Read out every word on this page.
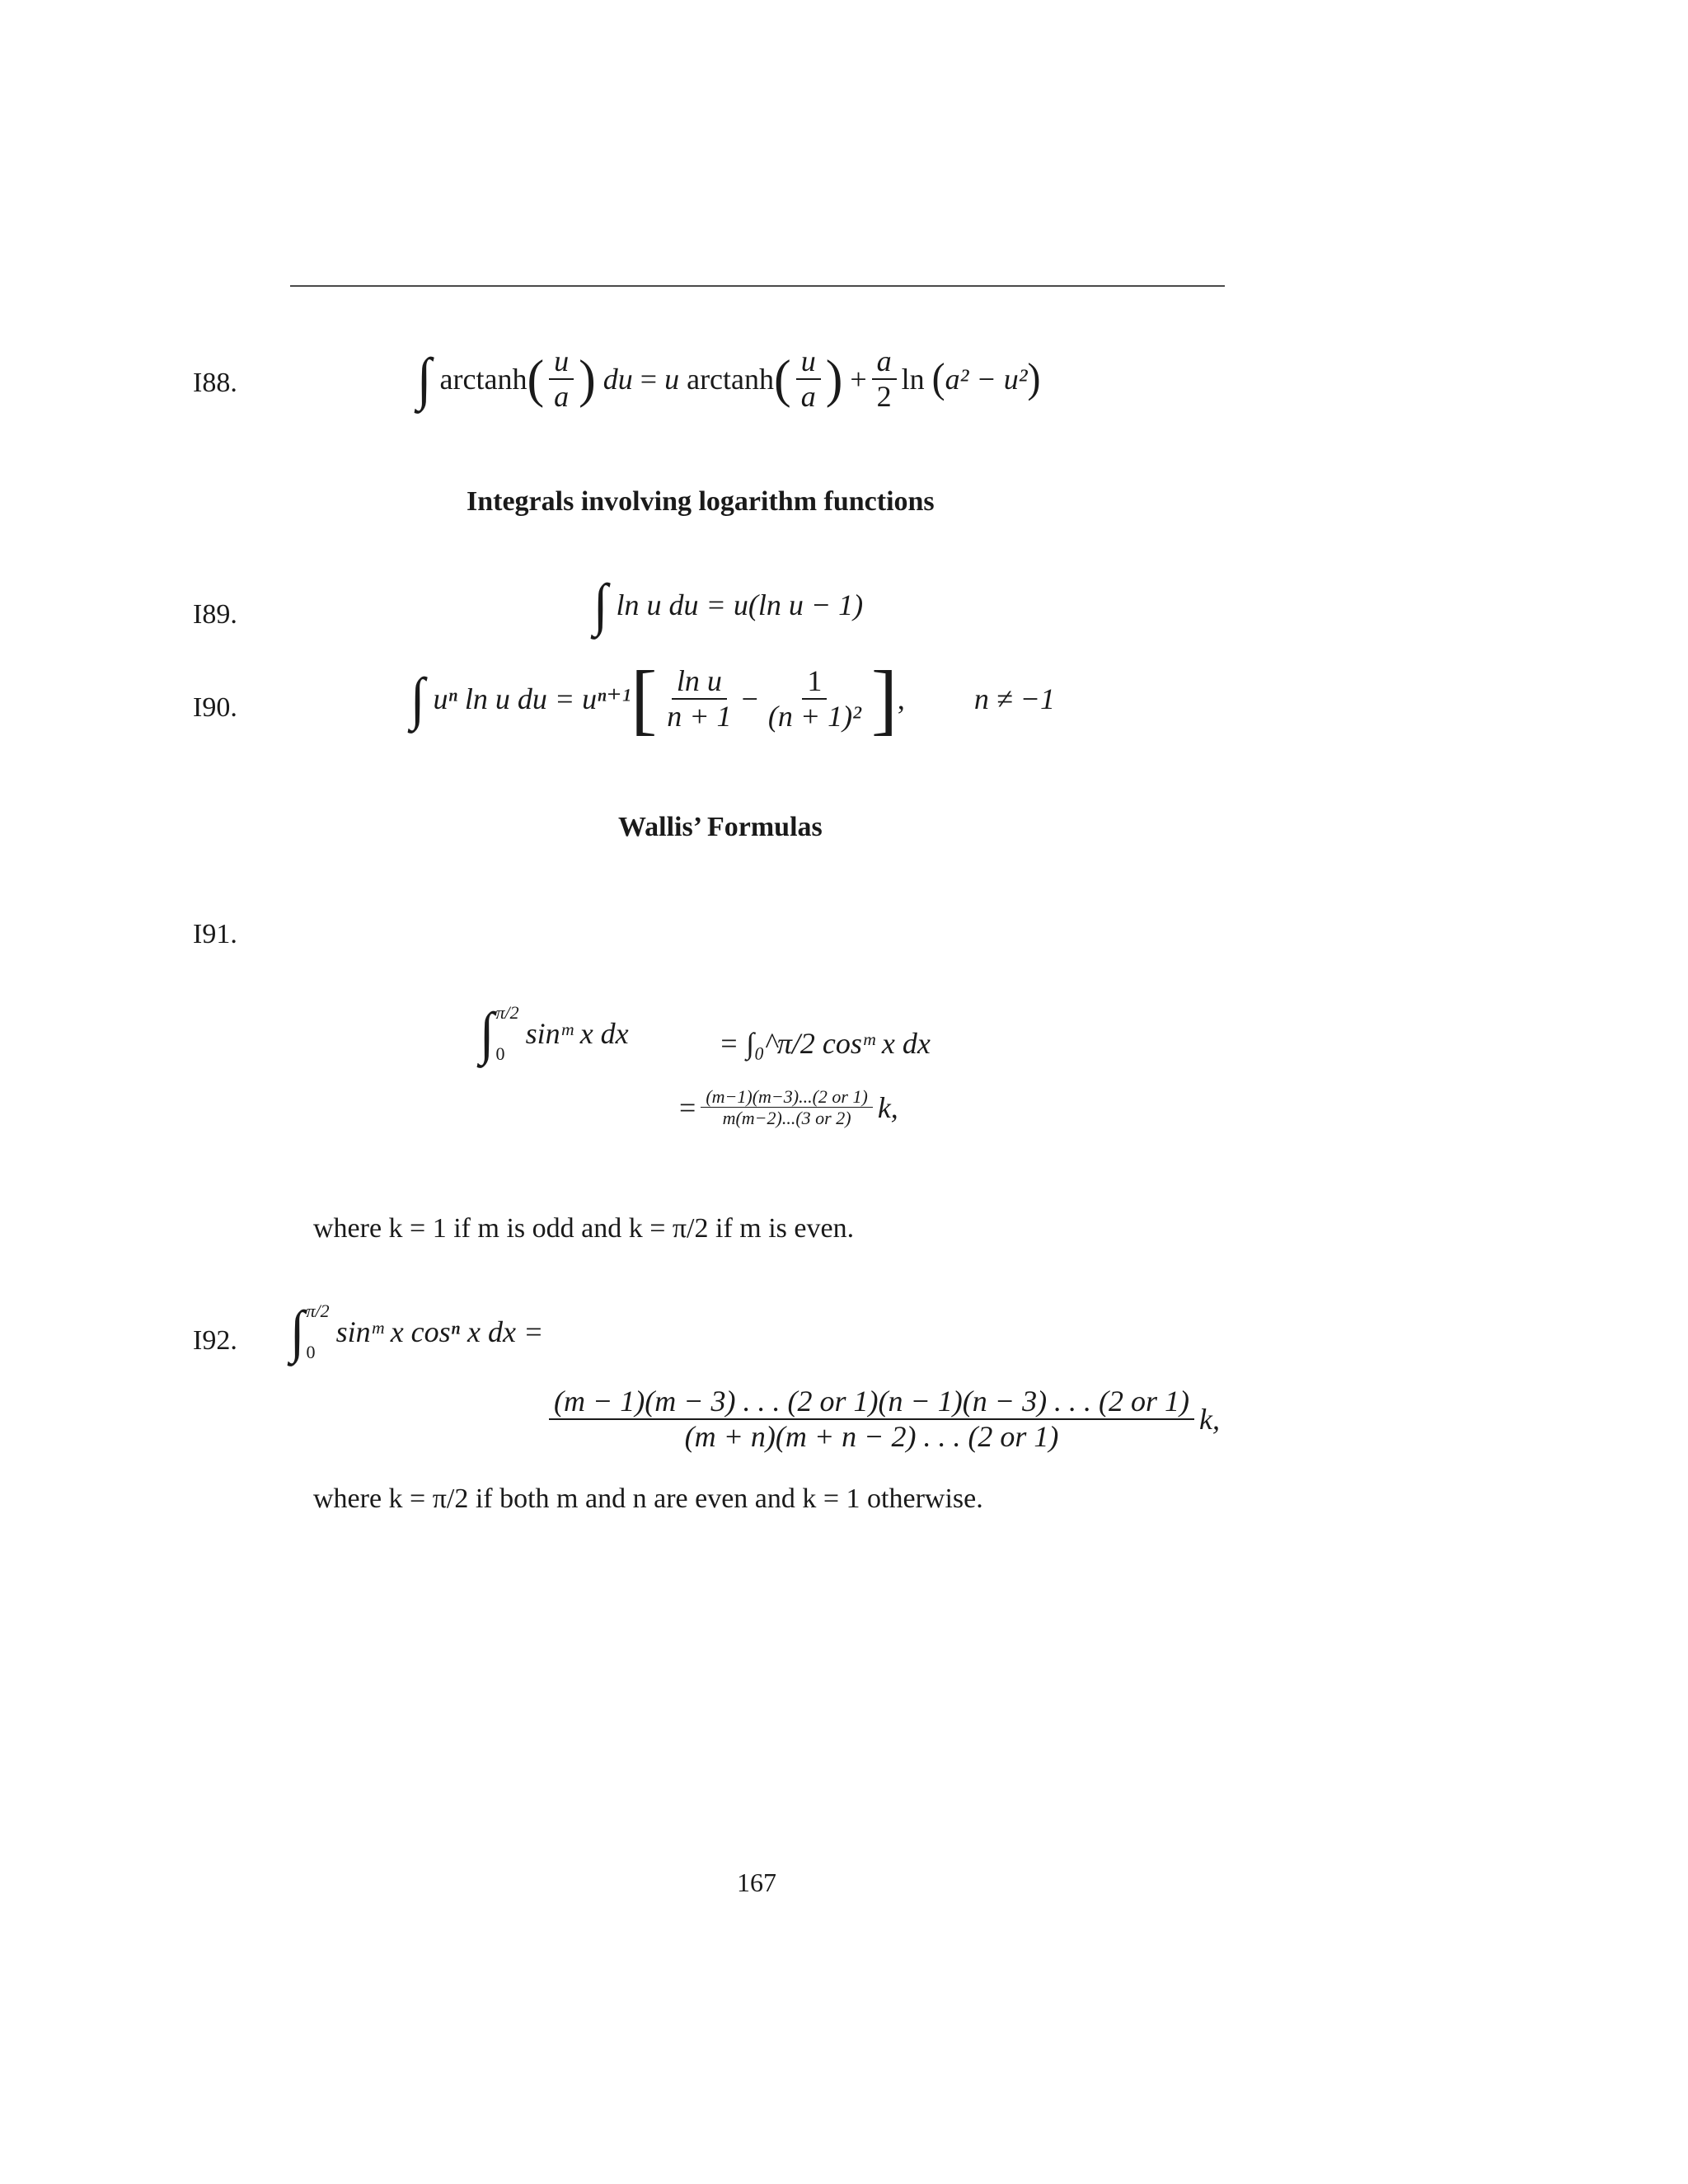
I88.	∫ arctanh ( $\frac{u}{a}$ )
du
=
u
arctanh ( $\frac{u}{a}$ )
+ $\frac{a}{2}$ ln
( a² − u² )
Integrals involving logarithm functions
I89.	∫ ln u du = u(ln u − 1)
I90.	∫ uⁿ ln u du = uⁿ⁺¹ [ $\frac{\text{ln u}}{n + 1} - \frac{1}{\text{(n + 1)²}}$ ] , n ≠ −1
Wallis’ Formulas
I91.
∫ π/2
0
sinᵐ x dx	= ∫₀^π/2 cosᵐ x dx
= $\frac{(m-1)(m-3)...(2 or 1)}{m(m-2)...(3 or 2)} k$,
where k = 1 if m is odd and k = π/2 if m is even.
I92. ∫ π/2
0
sinᵐ x cosⁿ x dx =
$\frac{(m - 1)(m - 3) . . . (2 or 1)(n - 1)(n - 3) . . . (2 or 1)}{(m + n)(m + n - 2) . . . (2 or 1)} k$,
where k = π/2 if both m and n are even and k = 1 otherwise.
167
